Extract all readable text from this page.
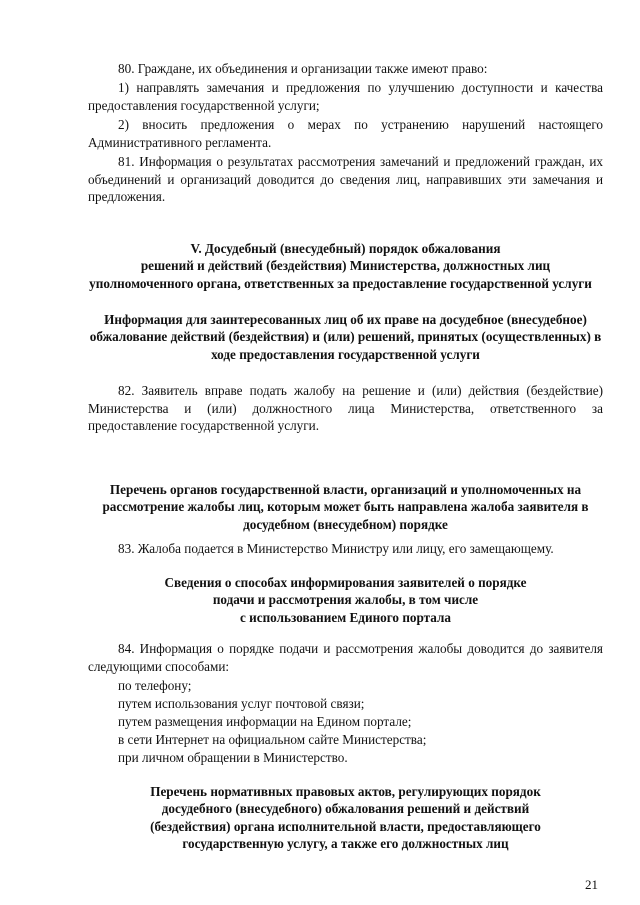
80. Граждане, их объединения и организации также имеют право:

1) направлять замечания и предложения по улучшению доступности и качества предоставления государственной услуги;

2) вносить предложения о мерах по устранению нарушений настоящего Административного регламента.

81. Информация о результатах рассмотрения замечаний и предложений граждан, их объединений и организаций доводится до сведения лиц, направивших эти замечания и предложения.

V. Досудебный (внесудебный) порядок обжалования
решений и действий (бездействия) Министерства, должностных лиц
уполномоченного органа, ответственных за предоставление государственной услуги
Информация для заинтересованных лиц об их праве на досудебное (внесудебное)
обжалование действий (бездействия) и (или) решений, принятых (осуществленных) в
ходе предоставления государственной услуги

82. Заявитель вправе подать жалобу на решение и (или) действия (бездействие) Министерства и (или) должностного лица Министерства, ответственного за предоставление государственной услуги.

Перечень органов государственной власти, организаций и уполномоченных на
рассмотрение жалобы лиц, которым может быть направлена жалоба заявителя в
досудебном (внесудебном) порядке

83. Жалоба подается в Министерство Министру или лицу, его замещающему.

Сведения о способах информирования заявителей о порядке
подачи и рассмотрения жалобы, в том числе
с использованием Единого портала

84. Информация о порядке подачи и рассмотрения жалобы доводится до заявителя следующими способами:

по телефону;

путем использования услуг почтовой связи;

путем размещения информации на Едином портале;

в сети Интернет на официальном сайте Министерства;

при личном обращении в Министерство.

Перечень нормативных правовых актов, регулирующих порядок
досудебного (внесудебного) обжалования решений и действий
(бездействия) органа исполнительной власти, предоставляющего
государственную услугу, а также его должностных лиц
21
